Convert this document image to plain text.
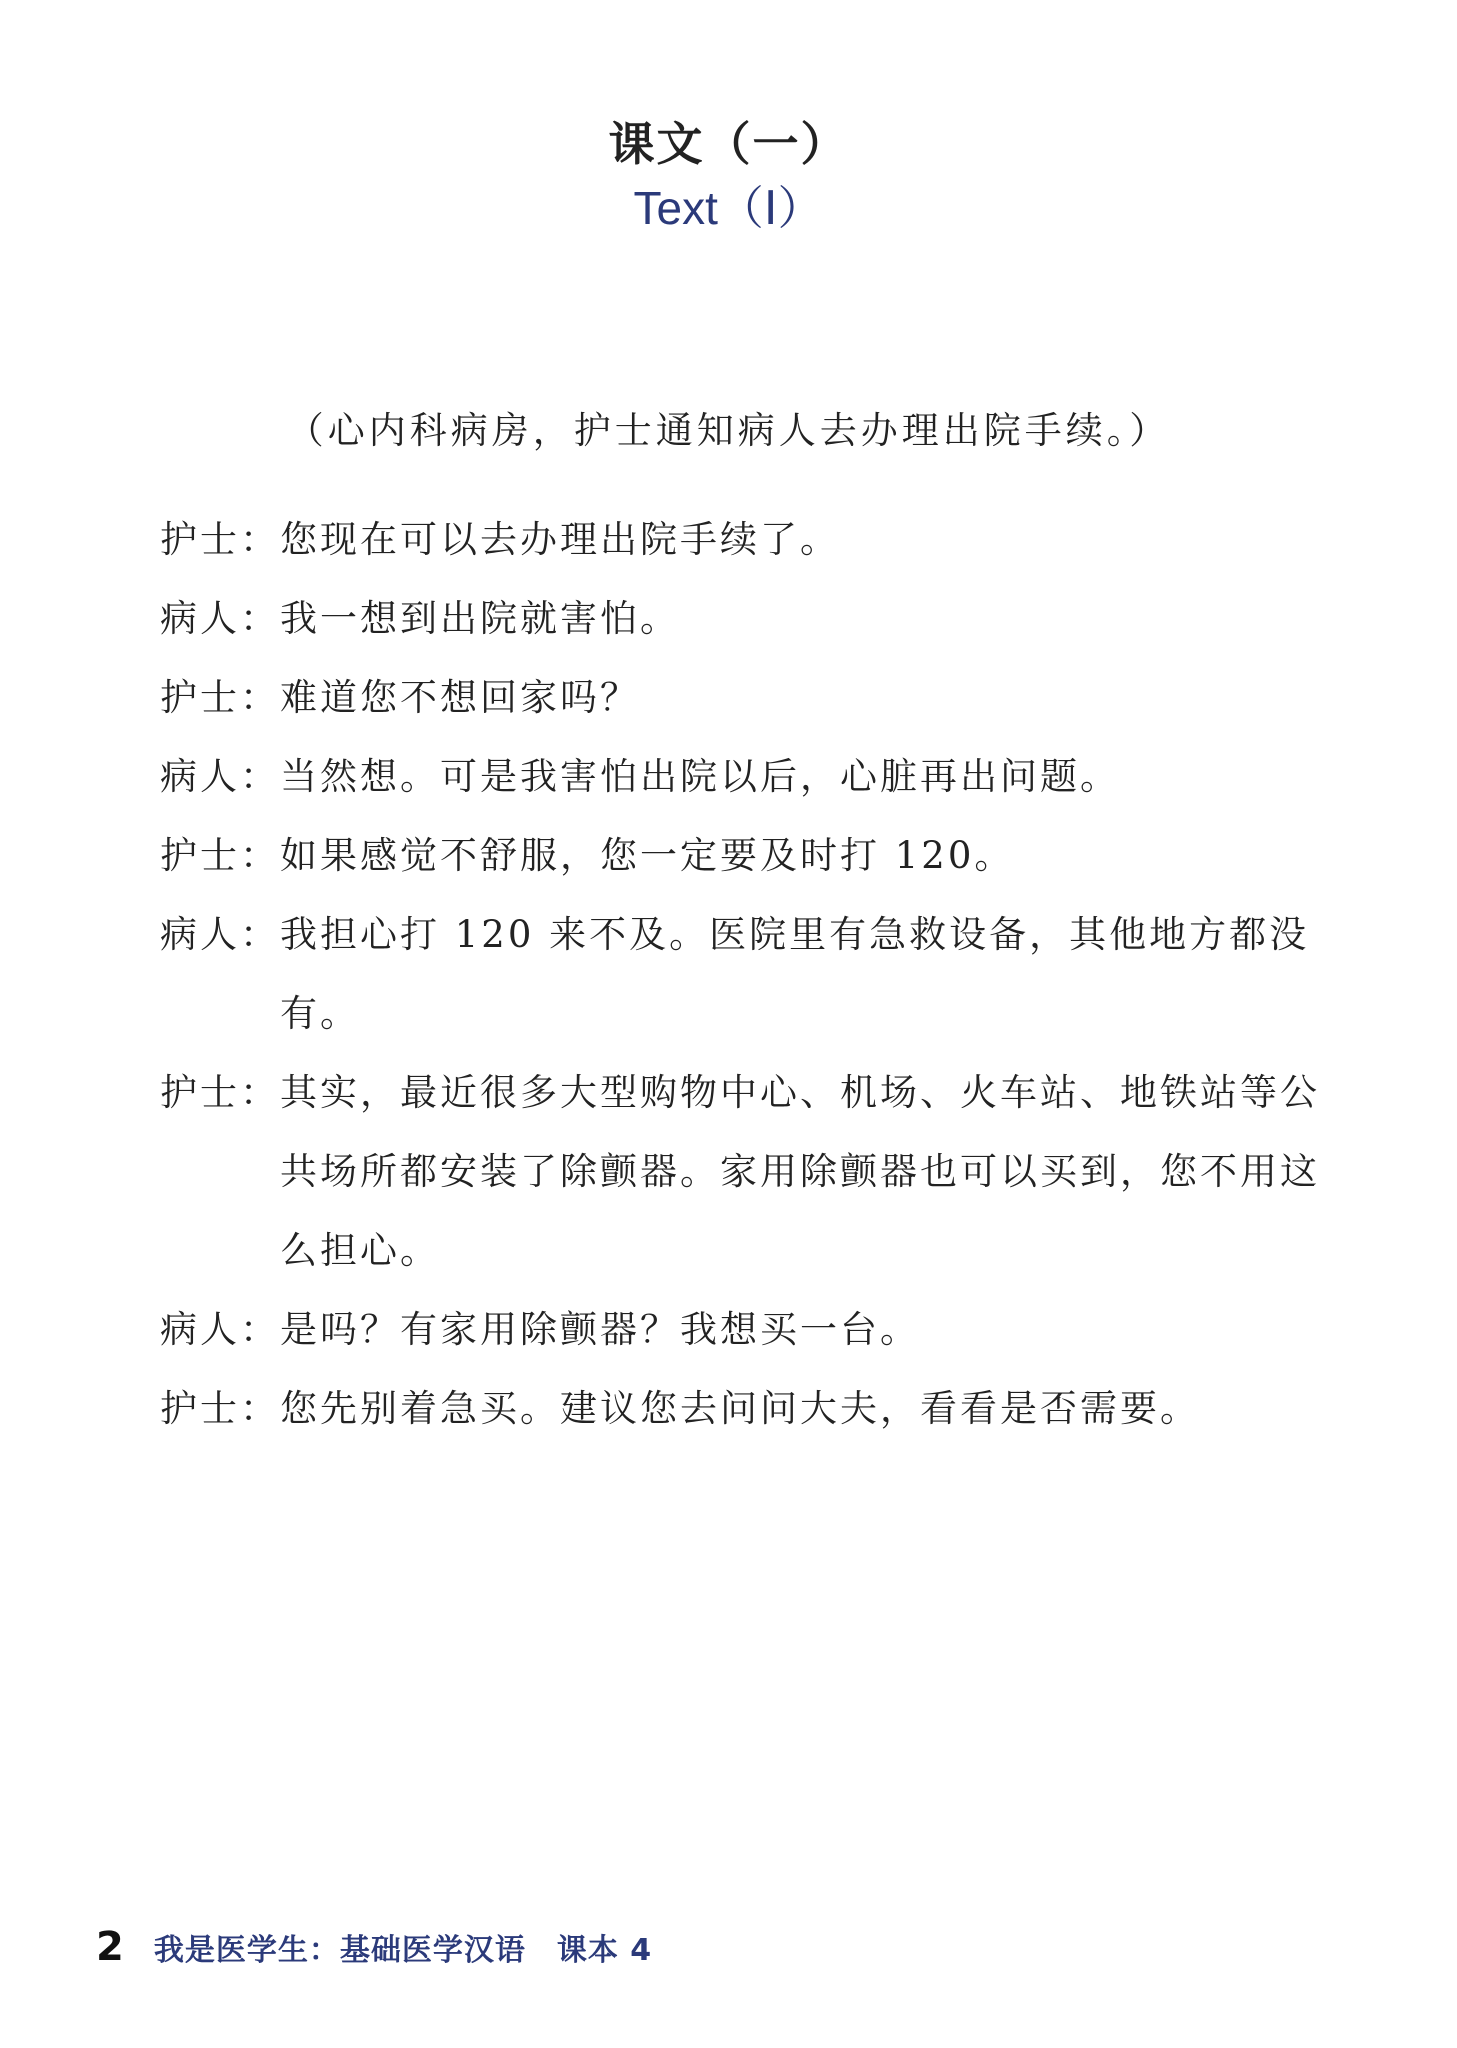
课文（一）
Text（Ⅰ）
（心内科病房，护士通知病人去办理出院手续。）
护士： 您现在可以去办理出院手续了。
病人： 我一想到出院就害怕。
护士： 难道您不想回家吗？
病人： 当然想。可是我害怕出院以后，心脏再出问题。
护士： 如果感觉不舒服，您一定要及时打 120。
病人： 我担心打 120 来不及。医院里有急救设备，其他地方都没有。
护士： 其实，最近很多大型购物中心、机场、火车站、地铁站等公共场所都安装了除颤器。家用除颤器也可以买到，您不用这么担心。
病人： 是吗？有家用除颤器？我想买一台。
护士： 您先别着急买。建议您去问问大夫，看看是否需要。
2 我是医学生：基础医学汉语　课本 4
